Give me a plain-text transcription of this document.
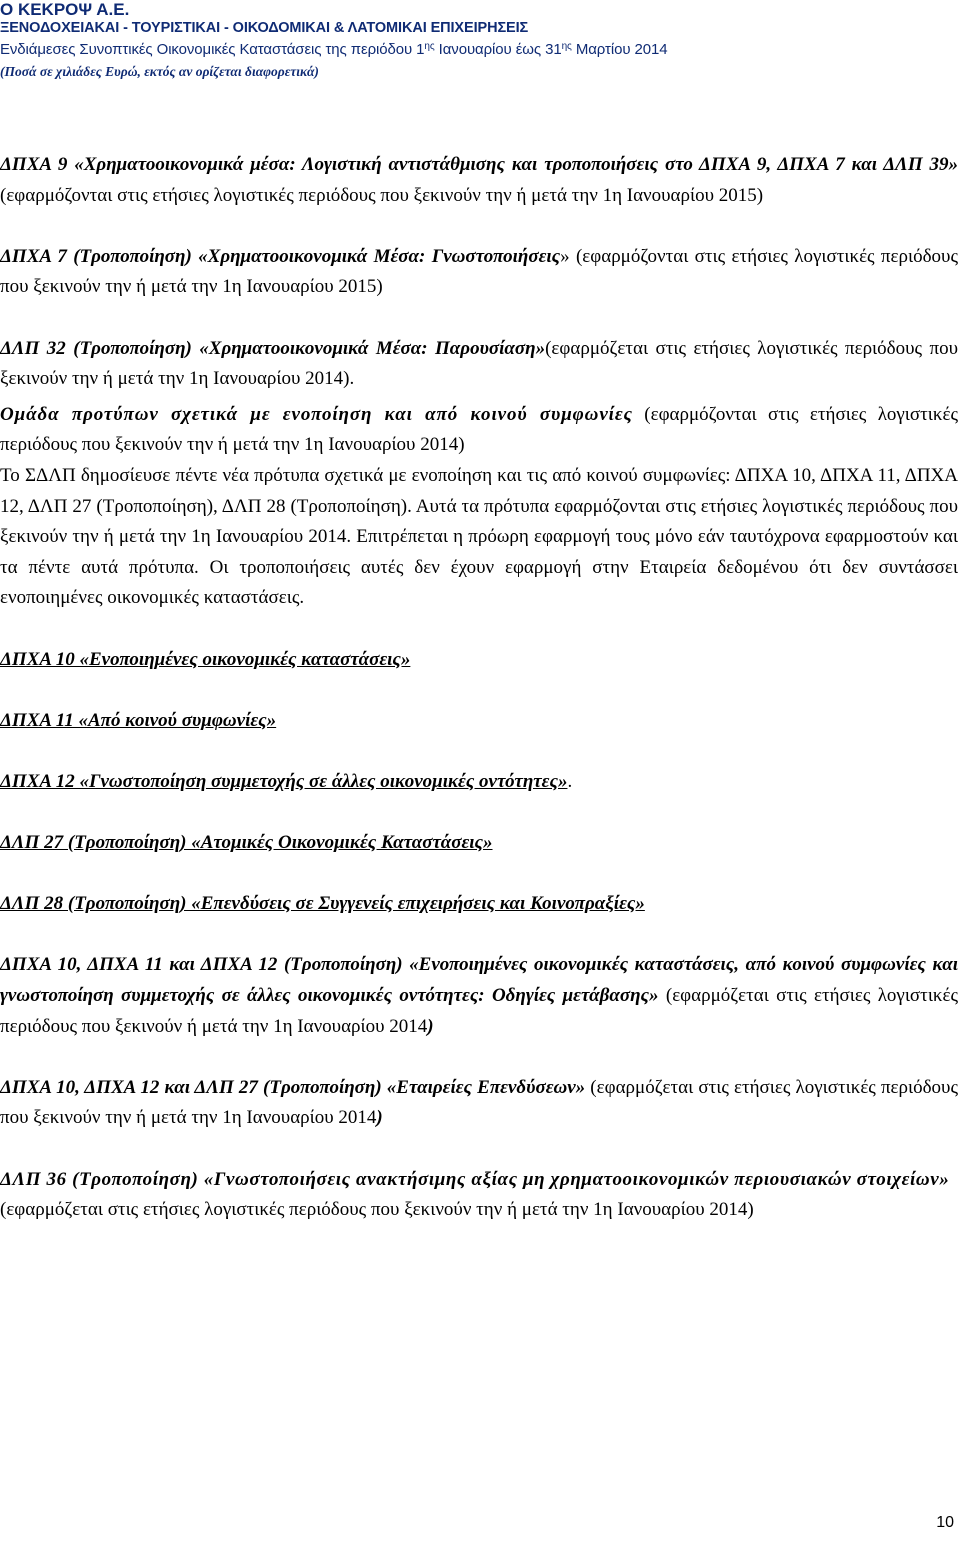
Ο ΚΕΚΡΟΨ Α.Ε.
ΞΕΝΟΔΟΧΕΙΑΚΑΙ - ΤΟΥΡΙΣΤΙΚΑΙ - ΟΙΚΟΔΟΜΙΚΑΙ & ΛΑΤΟΜΙΚΑΙ ΕΠΙΧΕΙΡΗΣΕΙΣ
Ενδιάμεσες Συνοπτικές Οικονομικές Καταστάσεις της περιόδου $1^{\eta\varsigma}$ Ιανουαρίου έως $31^{\eta\varsigma}$ Μαρτίου 2014
(Ποσά σε χιλιάδες Ευρώ, εκτός αν ορίζεται διαφορετικά)

ΔΠΧΑ 9 «Χρηματοοικονομικά μέσα: Λογιστική αντιστάθμισης και τροποποιήσεις στο ΔΠΧΑ 9, ΔΠΧΑ 7 και ΔΛΠ 39» (εφαρμόζονται στις ετήσιες λογιστικές περιόδους που ξεκινούν την ή μετά την 1η Ιανουαρίου 2015)

ΔΠΧΑ 7 (Τροποποίηση) «Χρηματοοικονομικά Μέσα: Γνωστοποιήσεις» (εφαρμόζονται στις ετήσιες λογιστικές περιόδους που ξεκινούν την ή μετά την 1η Ιανουαρίου 2015)

ΔΛΠ 32 (Τροποποίηση) «Χρηματοοικονομικά Μέσα: Παρουσίαση»(εφαρμόζεται στις ετήσιες λογιστικές περιόδους που ξεκινούν την ή μετά την 1η Ιανουαρίου 2014).

Ομάδα προτύπων σχετικά με ενοποίηση και από κοινού συμφωνίες (εφαρμόζονται στις ετήσιες λογιστικές περιόδους που ξεκινούν την ή μετά την 1η Ιανουαρίου 2014)

Το ΣΔΛΠ δημοσίευσε πέντε νέα πρότυπα σχετικά με ενοποίηση και τις από κοινού συμφωνίες: ΔΠΧΑ 10, ΔΠΧΑ 11, ΔΠΧΑ 12, ΔΛΠ 27 (Τροποποίηση), ΔΛΠ 28 (Τροποποίηση). Αυτά τα πρότυπα εφαρμόζονται στις ετήσιες λογιστικές περιόδους που ξεκινούν την ή μετά την 1η Ιανουαρίου 2014. Επιτρέπεται η πρόωρη εφαρμογή τους μόνο εάν ταυτόχρονα εφαρμοστούν και τα πέντε αυτά πρότυπα. Οι τροποποιήσεις αυτές δεν έχουν εφαρμογή στην Εταιρεία δεδομένου ότι δεν συντάσσει ενοποιημένες οικονομικές καταστάσεις.

ΔΠΧΑ 10 «Ενοποιημένες οικονομικές καταστάσεις»

ΔΠΧΑ 11 «Από κοινού συμφωνίες»

ΔΠΧΑ 12 «Γνωστοποίηση συμμετοχής σε άλλες οικονομικές οντότητες».

ΔΛΠ 27 (Τροποποίηση) «Ατομικές Οικονομικές Καταστάσεις»

ΔΛΠ 28 (Τροποποίηση) «Επενδύσεις σε Συγγενείς επιχειρήσεις και Κοινοπραξίες»

ΔΠΧΑ 10, ΔΠΧΑ 11 και ΔΠΧΑ 12 (Τροποποίηση) «Ενοποιημένες οικονομικές καταστάσεις, από κοινού συμφωνίες και γνωστοποίηση συμμετοχής σε άλλες οικονομικές οντότητες: Οδηγίες μετάβασης» (εφαρμόζεται στις ετήσιες λογιστικές περιόδους που ξεκινούν ή μετά την 1η Ιανουαρίου 2014)

ΔΠΧΑ 10, ΔΠΧΑ 12 και ΔΛΠ 27 (Τροποποίηση) «Εταιρείες Επενδύσεων» (εφαρμόζεται στις ετήσιες λογιστικές περιόδους που ξεκινούν την ή μετά την 1η Ιανουαρίου 2014)

ΔΛΠ 36 (Τροποποίηση) «Γνωστοποιήσεις ανακτήσιμης αξίας μη χρηματοοικονομικών περιουσιακών στοιχείων»
(εφαρμόζεται στις ετήσιες λογιστικές περιόδους που ξεκινούν την ή μετά την 1η Ιανουαρίου 2014)

10
